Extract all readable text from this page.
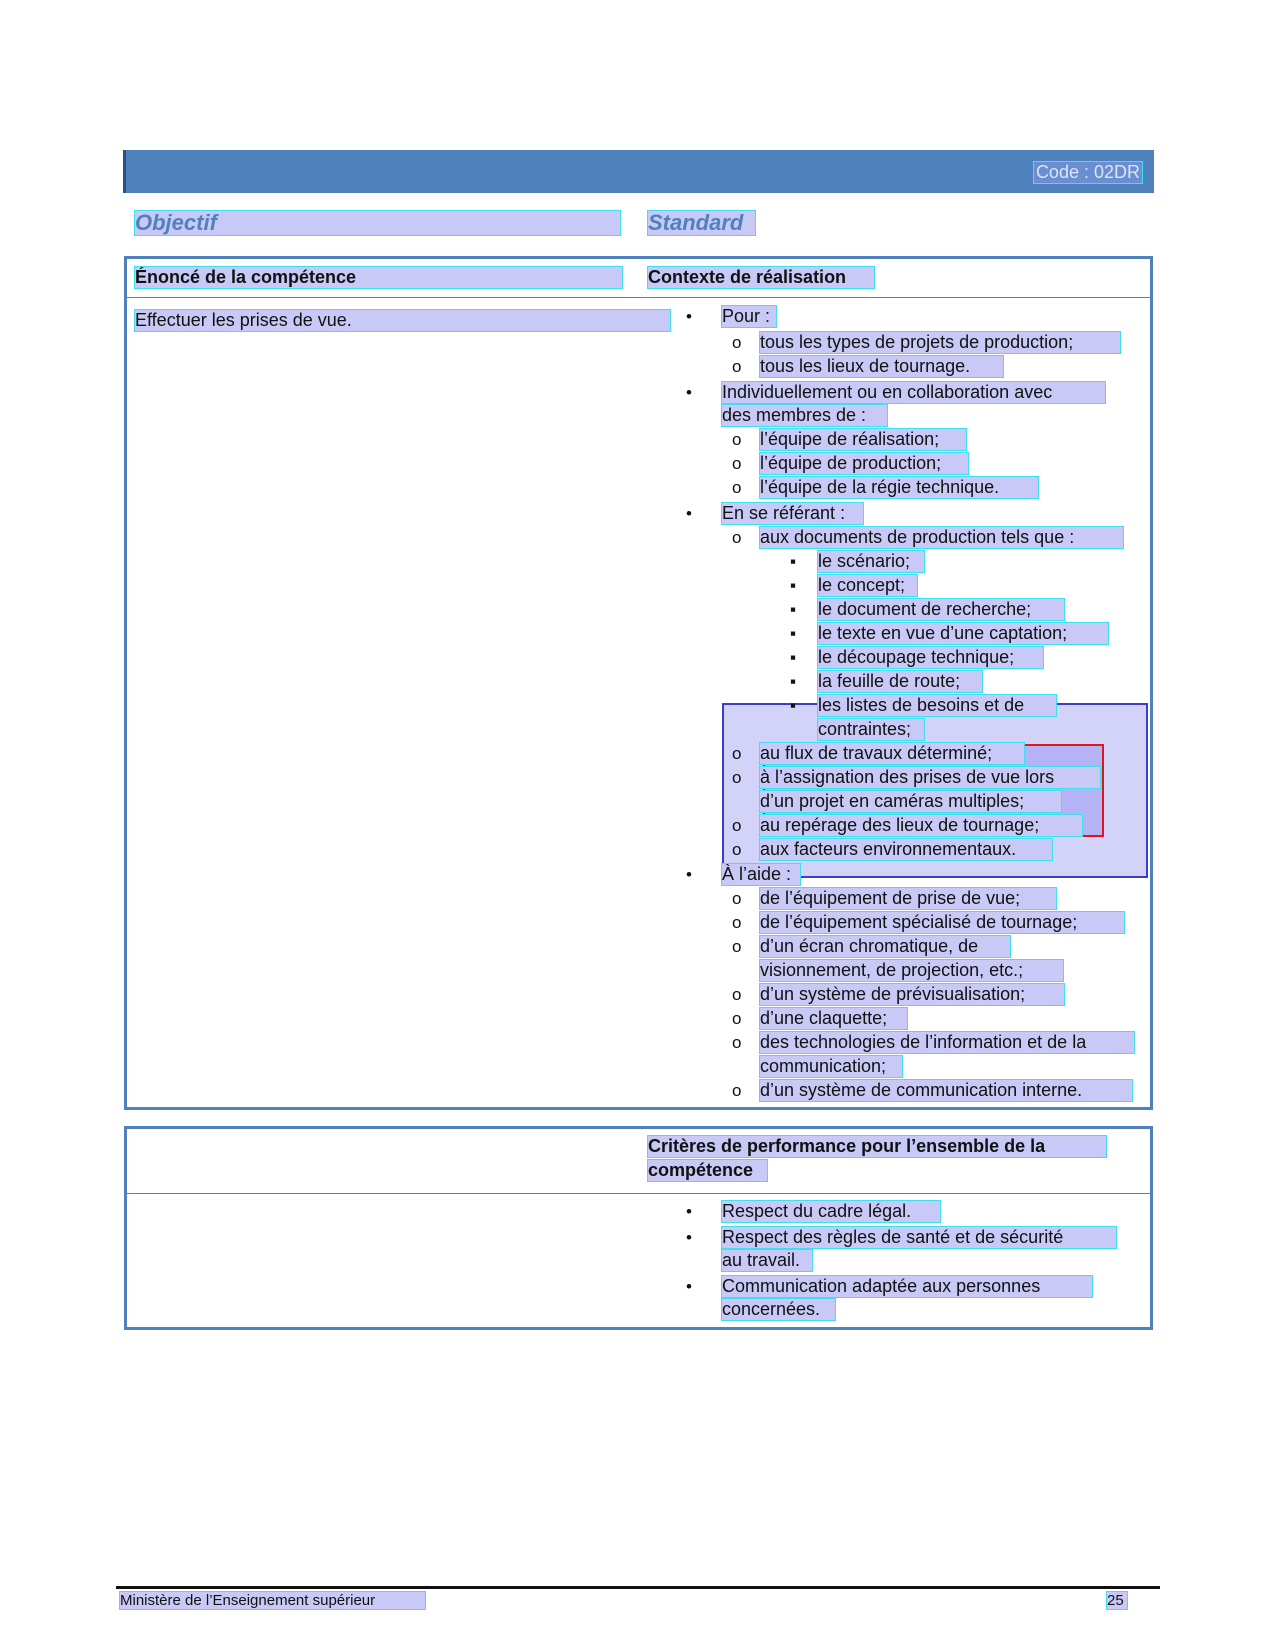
Code : 02DR
Objectif	Standard
Énoncé de la compétence	Contexte de réalisation
Effectuer les prises de vue.	• Pour :
o tous les types de projets de production;
o tous les lieux de tournage.
• Individuellement ou en collaboration avec
des membres de :
o l’équipe de réalisation;
o l’équipe de production;
o l’équipe de la régie technique.
• En se référant :
o aux documents de production tels que :
▪ le scénario;
▪ le concept;
▪ le document de recherche;
▪ le texte en vue d’une captation;
▪ le découpage technique;
▪ la feuille de route;
▪ les listes de besoins et de
contraintes;
o au flux de travaux déterminé;
o à l’assignation des prises de vue lors
d’un projet en caméras multiples;
o au repérage des lieux de tournage;
o aux facteurs environnementaux.
• À l’aide :
o de l’équipement de prise de vue;
o de l’équipement spécialisé de tournage;
o d’un écran chromatique, de
visionnement, de projection, etc.;
o d’un système de prévisualisation;
o d’une claquette;
o des technologies de l’information et de la
communication;
o d’un système de communication interne.
Critères de performance pour l’ensemble de la
compétence
• Respect du cadre légal.
• Respect des règles de santé et de sécurité
au travail.
• Communication adaptée aux personnes
concernées.
Ministère de l’Enseignement supérieur	25
